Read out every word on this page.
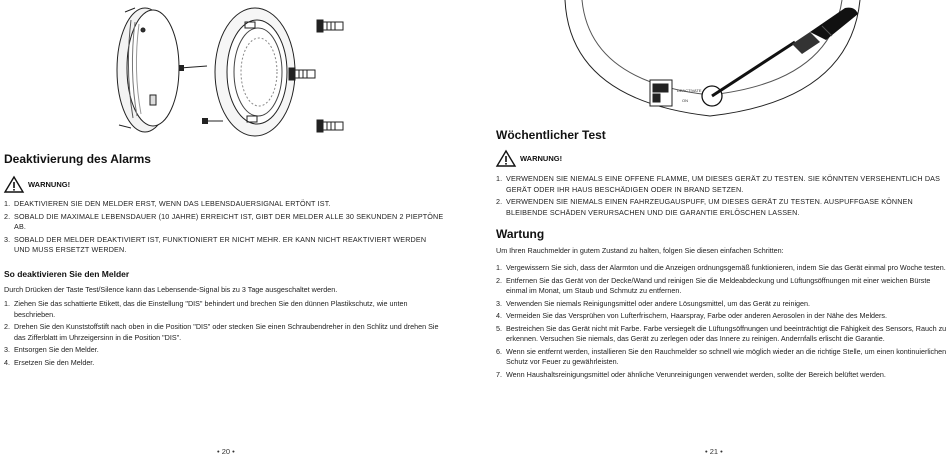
Deaktivierung des Alarms
WARNUNG!

1. DEAKTIVIEREN SIE DEN MELDER ERST, WENN DAS LEBENSDAUERSIGNAL ERTÖNT IST.

2. SOBALD DIE MAXIMALE LEBENSDAUER (10 JAHRE) ERREICHT IST, GIBT DER MELDER ALLE 30 SEKUNDEN 2 PIEPTÖNE AB.

3. SOBALD DER MELDER DEAKTIVIERT IST, FUNKTIONIERT ER NICHT MEHR. ER KANN NICHT REAKTIVIERT WERDEN UND MUSS ERSETZT WERDEN.

So deaktivieren Sie den Melder
Durch Drücken der Taste Test/Silence kann das Lebensende-Signal bis zu 3 Tage ausgeschaltet werden.

1. Ziehen Sie das schattierte Etikett, das die Einstellung "DIS" behindert und brechen Sie den dünnen Plastikschutz, wie unten beschrieben.

2. Drehen Sie den Kunststoffstift nach oben in die Position "DIS" oder stecken Sie einen Schraubendreher in den Schlitz und drehen Sie das Zifferblatt im Uhrzeigersinn in die Position "DIS".

3. Entsorgen Sie den Melder.

4. Ersetzen Sie den Melder.

• 20 •
DEACTIVATE
ON
Wöchentlicher Test
WARNUNG!

1. VERWENDEN SIE NIEMALS EINE OFFENE FLAMME, UM DIESES GERÄT ZU TESTEN. SIE KÖNNTEN VERSEHENTLICH DAS GERÄT ODER IHR HAUS BESCHÄDIGEN ODER IN BRAND SETZEN.

2. VERWENDEN SIE NIEMALS EINEN FAHRZEUGAUSPUFF, UM DIESES GERÄT ZU TESTEN. AUSPUFFGASE KÖNNEN BLEIBENDE SCHÄDEN VERURSACHEN UND DIE GARANTIE ERLÖSCHEN LASSEN.

Wartung
Um Ihren Rauchmelder in gutem Zustand zu halten, folgen Sie diesen einfachen Schritten:

1. Vergewissern Sie sich, dass der Alarmton und die Anzeigen ordnungsgemäß funktionieren, indem Sie das Gerät einmal pro Woche testen.

2. Entfernen Sie das Gerät von der Decke/Wand und reinigen Sie die Meldeabdeckung und Lüftungsöffnungen mit einer weichen Bürste einmal im Monat, um Staub und Schmutz zu entfernen.

3. Verwenden Sie niemals Reinigungsmittel oder andere Lösungsmittel, um das Gerät zu reinigen.

4. Vermeiden Sie das Versprühen von Lufterfrischern, Haarspray, Farbe oder anderen Aerosolen in der Nähe des Melders.

5. Bestreichen Sie das Gerät nicht mit Farbe. Farbe versiegelt die Lüftungsöffnungen und beeinträchtigt die Fähigkeit des Sensors, Rauch zu erkennen. Versuchen Sie niemals, das Gerät zu zerlegen oder das Innere zu reinigen. Andernfalls erlischt die Garantie.

6. Wenn sie entfernt werden, installieren Sie den Rauchmelder so schnell wie möglich wieder an die richtige Stelle, um einen kontinuierlichen Schutz vor Feuer zu gewährleisten.

7. Wenn Haushaltsreinigungsmittel oder ähnliche Verunreinigungen verwendet werden, sollte der Bereich belüftet werden.

• 21 •
